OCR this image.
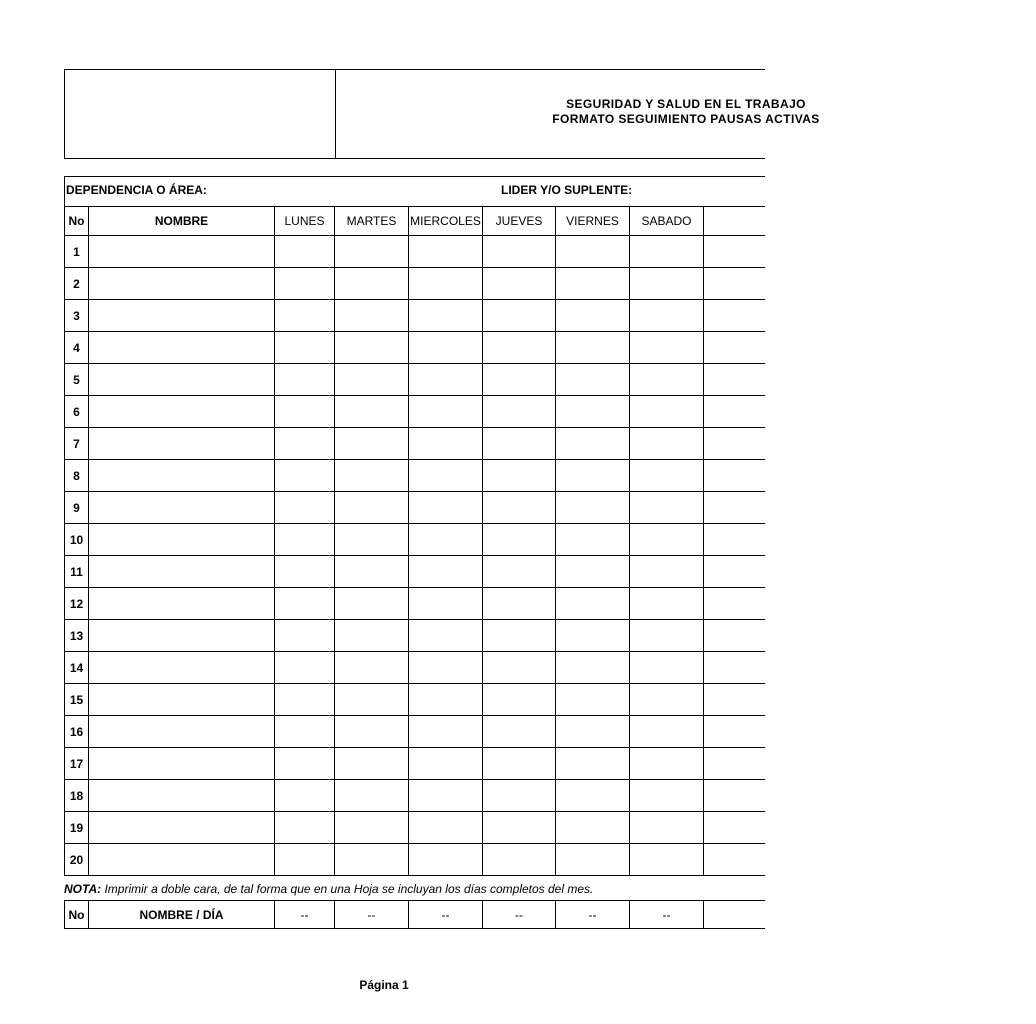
SEGURIDAD Y SALUD EN EL TRABAJO
FORMATO SEGUIMIENTO PAUSAS ACTIVAS
DEPENDENCIA O ÁREA: LIDER Y/O SUPLENTE:								

No	NOMBRE	LUNES	MARTES	MIERCOLES	JUEVES	VIERNES	SABADO	
1								
2								
3								
4								
5								
6								
7								
8								
9								
10								
11								
12								
13								
14								
15								
16								
17								
18								
19								
20								
NOTA: Imprimir a doble cara, de tal forma que en una Hoja se incluyan los días completos del mes.
No	NOMBRE / DÍA	--	--	--	--	--	--	
Página 1
